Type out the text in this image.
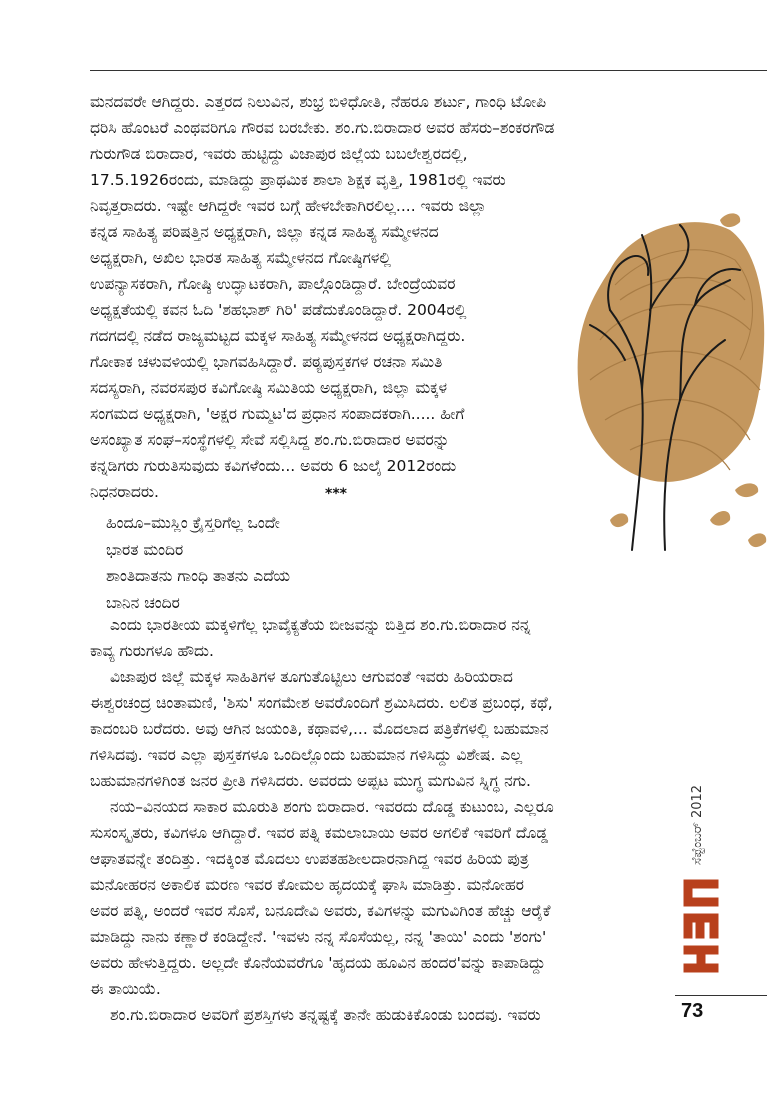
ಮನದವರೇ ಆಗಿದ್ದರು. ಎತ್ತರದ ನಿಲುವಿನ, ಶುಭ್ರ ಬಿಳಿಧೋತಿ, ನೆಹರೂ ಶರ್ಟು, ಗಾಂಧಿ ಟೋಪಿ
ಧರಿಸಿ ಹೊಂಟರೆ ಎಂಥವರಿಗೂ ಗೌರವ ಬರಬೇಕು. ಶಂ.ಗು.ಬಿರಾದಾರ ಅವರ ಹೆಸರು–ಶಂಕರಗೌಡ
ಗುರುಗೌಡ ಬಿರಾದಾರ, ಇವರು ಹುಟ್ಟಿದ್ದು ವಿಜಾಪುರ ಜಿಲ್ಲೆಯ ಬಬಲೇಶ್ವರದಲ್ಲಿ,
17.5.1926ರಂದು, ಮಾಡಿದ್ದು ಪ್ರಾಥಮಿಕ ಶಾಲಾ ಶಿಕ್ಷಕ ವೃತ್ತಿ, 1981ರಲ್ಲಿ ಇವರು
ನಿವೃತ್ತರಾದರು. ಇಷ್ಟೇ ಆಗಿದ್ದರೇ ಇವರ ಬಗ್ಗೆ ಹೇಳಬೇಕಾಗಿರಲಿಲ್ಲ.... ಇವರು ಜಿಲ್ಲಾ
ಕನ್ನಡ ಸಾಹಿತ್ಯ ಪರಿಷತ್ತಿನ ಅಧ್ಯಕ್ಷರಾಗಿ, ಜಿಲ್ಲಾ ಕನ್ನಡ ಸಾಹಿತ್ಯ ಸಮ್ಮೇಳನದ
ಅಧ್ಯಕ್ಷರಾಗಿ, ಅಖಿಲ ಭಾರತ ಸಾಹಿತ್ಯ ಸಮ್ಮೇಳನದ ಗೋಷ್ಠಿಗಳಲ್ಲಿ
ಉಪನ್ಯಾಸಕರಾಗಿ, ಗೋಷ್ಠಿ ಉದ್ಘಾಟಕರಾಗಿ, ಪಾಲ್ಗೊಂಡಿದ್ದಾರೆ. ಬೇಂದ್ರೆಯವರ
ಅಧ್ಯಕ್ಷತೆಯಲ್ಲಿ ಕವನ ಓದಿ 'ಶಹಭಾಶ್ ಗಿರಿ' ಪಡೆದುಕೊಂಡಿದ್ದಾರೆ. 2004ರಲ್ಲಿ
ಗದಗದಲ್ಲಿ ನಡೆದ ರಾಜ್ಯಮಟ್ಟದ ಮಕ್ಕಳ ಸಾಹಿತ್ಯ ಸಮ್ಮೇಳನದ ಅಧ್ಯಕ್ಷರಾಗಿದ್ದರು.
ಗೋಕಾಕ ಚಳುವಳಿಯಲ್ಲಿ ಭಾಗವಹಿಸಿದ್ದಾರೆ. ಪಠ್ಯಪುಸ್ತಕಗಳ ರಚನಾ ಸಮಿತಿ
ಸದಸ್ಯರಾಗಿ, ನವರಸಪುರ ಕವಿಗೋಷ್ಠಿ ಸಮಿತಿಯ ಅಧ್ಯಕ್ಷರಾಗಿ, ಜಿಲ್ಲಾ ಮಕ್ಕಳ
ಸಂಗಮದ ಅಧ್ಯಕ್ಷರಾಗಿ, 'ಅಕ್ಷರ ಗುಮ್ಮಟ'ದ ಪ್ರಧಾನ ಸಂಪಾದಕರಾಗಿ..... ಹೀಗೆ
ಅಸಂಖ್ಯಾತ ಸಂಘ–ಸಂಸ್ಥೆಗಳಲ್ಲಿ ಸೇವೆ ಸಲ್ಲಿಸಿದ್ದ ಶಂ.ಗು.ಬಿರಾದಾರ ಅವರನ್ನು
ಕನ್ನಡಿಗರು ಗುರುತಿಸುವುದು ಕವಿಗಳೆಂದು... ಅವರು 6 ಜುಲೈ 2012ರಂದು
ನಿಧನರಾದರು.	***
ಹಿಂದೂ–ಮುಸ್ಲಿಂ ಕ್ರೈಸ್ತರಿಗೆಲ್ಲ ಒಂದೇ
ಭಾರತ ಮಂದಿರ
ಶಾಂತಿದಾತನು ಗಾಂಧಿ ತಾತನು ಎದೆಯ
ಬಾನಿನ ಚಂದಿರ
ಎಂದು ಭಾರತೀಯ ಮಕ್ಕಳಿಗೆಲ್ಲ ಭಾವೈಕ್ಯತೆಯ ಬೀಜವನ್ನು ಬಿತ್ತಿದ ಶಂ.ಗು.ಬಿರಾದಾರ ನನ್ನ
ಕಾವ್ಯ ಗುರುಗಳೂ ಹೌದು.
ವಿಜಾಪುರ ಜಿಲ್ಲೆ ಮಕ್ಕಳ ಸಾಹಿತಿಗಳ ತೂಗುತೊಟ್ಟಿಲು ಆಗುವಂತೆ ಇವರು ಹಿರಿಯರಾದ
ಈಶ್ವರಚಂದ್ರ ಚಿಂತಾಮಣಿ, 'ಶಿಸು' ಸಂಗಮೇಶ ಅವರೊಂದಿಗೆ ಶ್ರಮಿಸಿದರು. ಲಲಿತ ಪ್ರಬಂಧ, ಕಥೆ,
ಕಾದಂಬರಿ ಬರೆದರು. ಅವು ಆಗಿನ ಜಯಂತಿ, ಕಥಾವಳಿ,... ಮೊದಲಾದ ಪತ್ರಿಕೆಗಳಲ್ಲಿ ಬಹುಮಾನ
ಗಳಿಸಿದವು. ಇವರ ಎಲ್ಲಾ ಪುಸ್ತಕಗಳೂ ಒಂದಿಲ್ಲೊಂದು ಬಹುಮಾನ ಗಳಿಸಿದ್ದು ವಿಶೇಷ. ಎಲ್ಲ
ಬಹುಮಾನಗಳಿಗಿಂತ ಜನರ ಪ್ರೀತಿ ಗಳಿಸಿದರು. ಅವರದು ಅಪ್ಪಟ ಮುಗ್ಧ ಮಗುವಿನ ಸ್ನಿಗ್ಧ ನಗು.
ನಯ–ವಿನಯದ ಸಾಕಾರ ಮೂರುತಿ ಶಂಗು ಬಿರಾದಾರ. ಇವರದು ದೊಡ್ಡ ಕುಟುಂಬ, ಎಲ್ಲರೂ
ಸುಸಂಸ್ಕೃತರು, ಕವಿಗಳೂ ಆಗಿದ್ದಾರೆ. ಇವರ ಪತ್ನಿ ಕಮಲಾಬಾಯಿ ಅವರ ಅಗಲಿಕೆ ಇವರಿಗೆ ದೊಡ್ಡ
ಆಘಾತವನ್ನೇ ತಂದಿತ್ತು. ಇದಕ್ಕಿಂತ ಮೊದಲು ಉಪತಹಶೀಲದಾರನಾಗಿದ್ದ ಇವರ ಹಿರಿಯ ಪುತ್ರ
ಮನೋಹರನ ಅಕಾಲಿಕ ಮರಣ ಇವರ ಕೋಮಲ ಹೃದಯಕ್ಕೆ ಘಾಸಿ ಮಾಡಿತ್ತು. ಮನೋಹರ
ಅವರ ಪತ್ನಿ, ಅಂದರೆ ಇವರ ಸೊಸೆ, ಬನೂದೇವಿ ಅವರು, ಕವಿಗಳನ್ನು ಮಗುವಿಗಿಂತ ಹೆಚ್ಚು ಆರೈಕೆ
ಮಾಡಿದ್ದು ನಾನು ಕಣ್ಣಾರೆ ಕಂಡಿದ್ದೇನೆ. 'ಇವಳು ನನ್ನ ಸೊಸೆಯಲ್ಲ, ನನ್ನ 'ತಾಯಿ' ಎಂದು 'ಶಂಗು'
ಅವರು ಹೇಳುತ್ತಿದ್ದರು. ಅಲ್ಲದೇ ಕೊನೆಯವರೆಗೂ 'ಹೃದಯ ಹೂವಿನ ಹಂದರ'ವನ್ನು ಕಾಪಾಡಿದ್ದು
ಈ ತಾಯಿಯೆ.
ಶಂ.ಗು.ಬಿರಾದಾರ ಅವರಿಗೆ ಪ್ರಶಸ್ತಿಗಳು ತನ್ನಷ್ಟಕ್ಕೆ ತಾನೇ ಹುಡುಕಿಕೊಂಡು ಬಂದವು. ಇವರು
ಸೆಪ್ಟೆಂಬರ್ 2012
73
